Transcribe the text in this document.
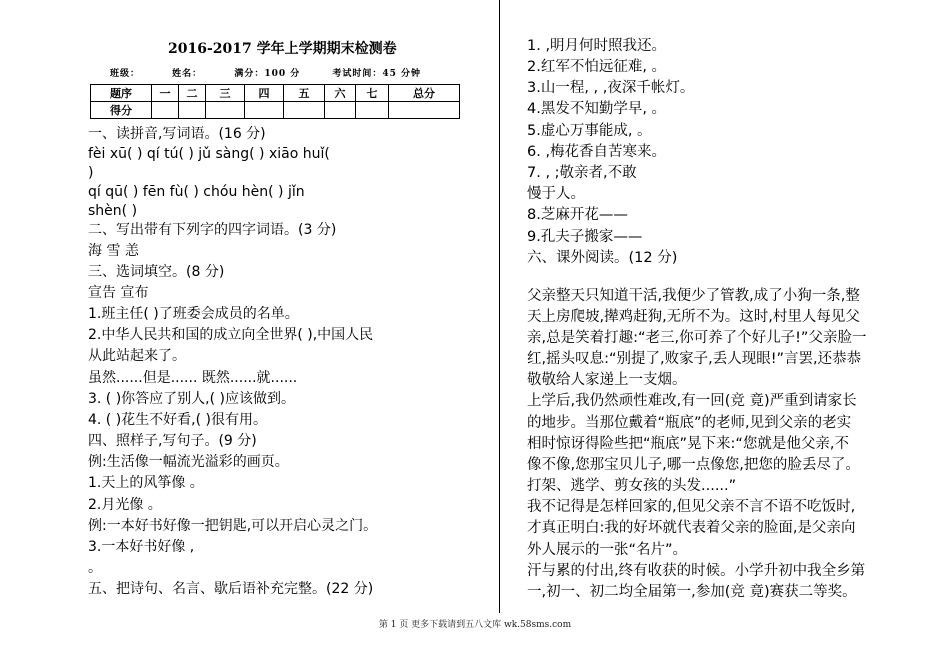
2016-2017 学年上学期期末检测卷
班级：	姓名：	满分：100 分	考试时间：45 分钟
题序	一	二	三	四	五	六	七	总分
得分								
一、读拼音,写词语。(16 分)
fèi xū( ) qí tú( ) jǔ sàng( ) xiāo huǐ(
)
qí qū( ) fēn fù( ) chóu hèn( ) jǐn
shèn( )
二、写出带有下列字的四字词语。(3 分)
海 雪 恙
三、选词填空。(8 分)
宣告 宣布
1.班主任( )了班委会成员的名单。
2.中华人民共和国的成立向全世界( ),中国人民
从此站起来了。
虽然......但是...... 既然......就......
3. ( )你答应了别人,( )应该做到。
4. ( )花生不好看,( )很有用。
四、照样子,写句子。(9 分)
例:生活像一幅流光溢彩的画页。
1.天上的风筝像 。
2.月光像 。
例:一本好书好像一把钥匙,可以开启心灵之门。
3.一本好书好像 ,
。
五、把诗句、名言、歇后语补充完整。(22 分)
1. ,明月何时照我还。
2.红军不怕远征难, 。
3.山一程, , ,夜深千帐灯。
4.黑发不知勤学早, 。
5.虚心万事能成, 。
6. ,梅花香自苦寒来。
7. , ;敬亲者,不敢
慢于人。
8.芝麻开花——
9.孔夫子搬家——
六、课外阅读。(12 分)
父亲整天只知道干活,我便少了管教,成了小狗一条,整
天上房爬坡,撵鸡赶狗,无所不为。这时,村里人每见父
亲,总是笑着打趣:“老三,你可养了个好儿子!”父亲脸一
红,摇头叹息:“别提了,败家子,丢人现眼!”言罢,还恭恭
敬敬给人家递上一支烟。
上学后,我仍然顽性难改,有一回(竞 竟)严重到请家长
的地步。当那位戴着“瓶底”的老师,见到父亲的老实
相时惊讶得险些把“瓶底”晃下来:“您就是他父亲,不
像不像,您那宝贝儿子,哪一点像您,把您的脸丢尽了。
打架、逃学、剪女孩的头发......”
我不记得是怎样回家的,但见父亲不言不语不吃饭时,
才真正明白:我的好坏就代表着父亲的脸面,是父亲向
外人展示的一张“名片”。
汗与累的付出,终有收获的时候。小学升初中我全乡第
一,初一、初二均全届第一,参加(竞 竟)赛获二等奖。
第 1 页 更多下载请到五八文库 wk.58sms.com
